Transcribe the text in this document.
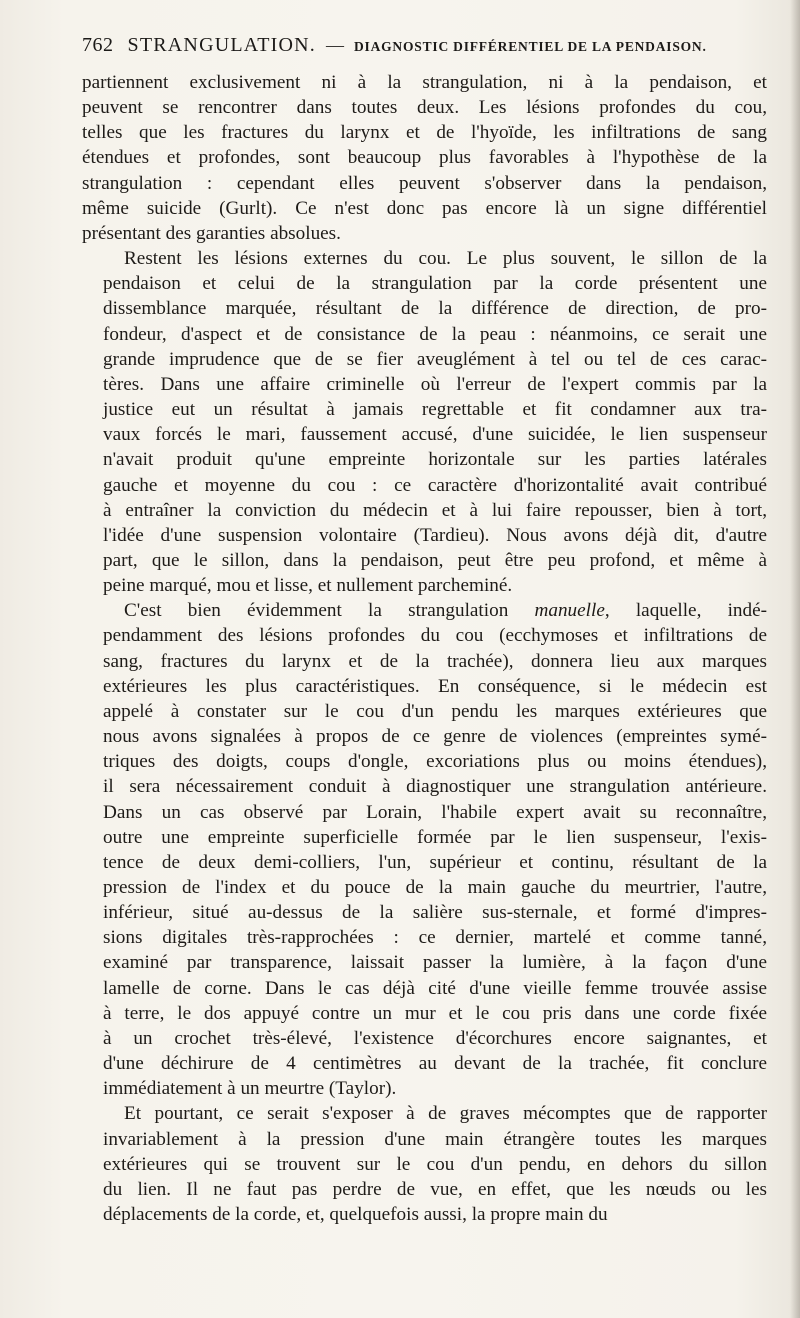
762 STRANGULATION. — DIAGNOSTIC DIFFÉRENTIEL DE LA PENDAISON.

partiennent exclusivement ni à la strangulation, ni à la pendaison, et
peuvent se rencontrer dans toutes deux. Les lésions profondes du cou,
telles que les fractures du larynx et de l'hyoïde, les infiltrations de sang
étendues et profondes, sont beaucoup plus favorables à l'hypothèse de la
strangulation : cependant elles peuvent s'observer dans la pendaison,
même suicide (Gurlt). Ce n'est donc pas encore là un signe différentiel
présentant des garanties absolues.

Restent les lésions externes du cou. Le plus souvent, le sillon de la
pendaison et celui de la strangulation par la corde présentent une
dissemblance marquée, résultant de la différence de direction, de pro-
fondeur, d'aspect et de consistance de la peau : néanmoins, ce serait une
grande imprudence que de se fier aveuglément à tel ou tel de ces carac-
tères. Dans une affaire criminelle où l'erreur de l'expert commis par la
justice eut un résultat à jamais regrettable et fit condamner aux tra-
vaux forcés le mari, faussement accusé, d'une suicidée, le lien suspenseur
n'avait produit qu'une empreinte horizontale sur les parties latérales
gauche et moyenne du cou : ce caractère d'horizontalité avait contribué
à entraîner la conviction du médecin et à lui faire repousser, bien à tort,
l'idée d'une suspension volontaire (Tardieu). Nous avons déjà dit, d'autre
part, que le sillon, dans la pendaison, peut être peu profond, et même à
peine marqué, mou et lisse, et nullement parcheminé.

C'est bien évidemment la strangulation manuelle, laquelle, indé-
pendamment des lésions profondes du cou (ecchymoses et infiltrations de
sang, fractures du larynx et de la trachée), donnera lieu aux marques
extérieures les plus caractéristiques. En conséquence, si le médecin est
appelé à constater sur le cou d'un pendu les marques extérieures que
nous avons signalées à propos de ce genre de violences (empreintes symé-
triques des doigts, coups d'ongle, excoriations plus ou moins étendues),
il sera nécessairement conduit à diagnostiquer une strangulation antérieure.
Dans un cas observé par Lorain, l'habile expert avait su reconnaître,
outre une empreinte superficielle formée par le lien suspenseur, l'exis-
tence de deux demi-colliers, l'un, supérieur et continu, résultant de la
pression de l'index et du pouce de la main gauche du meurtrier, l'autre,
inférieur, situé au-dessus de la salière sus-sternale, et formé d'impres-
sions digitales très-rapprochées : ce dernier, martelé et comme tanné,
examiné par transparence, laissait passer la lumière, à la façon d'une
lamelle de corne. Dans le cas déjà cité d'une vieille femme trouvée assise
à terre, le dos appuyé contre un mur et le cou pris dans une corde fixée
à un crochet très-élevé, l'existence d'écorchures encore saignantes, et
d'une déchirure de 4 centimètres au devant de la trachée, fit conclure
immédiatement à un meurtre (Taylor).

Et pourtant, ce serait s'exposer à de graves mécomptes que de rapporter
invariablement à la pression d'une main étrangère toutes les marques
extérieures qui se trouvent sur le cou d'un pendu, en dehors du sillon
du lien. Il ne faut pas perdre de vue, en effet, que les nœuds ou les
déplacements de la corde, et, quelquefois aussi, la propre main du
